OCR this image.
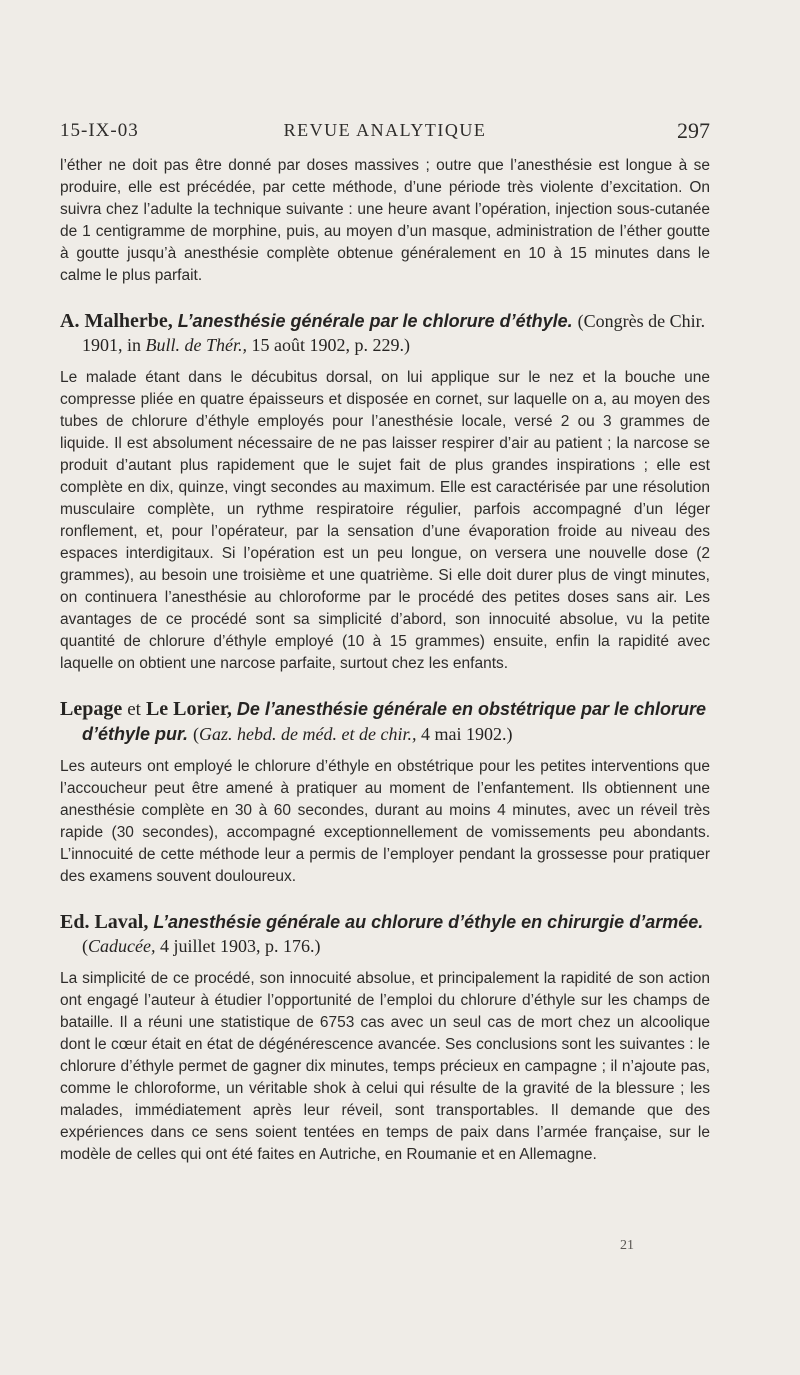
15-IX-03	REVUE ANALYTIQUE	297

l’éther ne doit pas être donné par doses massives ; outre que l’anesthésie est longue à se produire, elle est précédée, par cette méthode, d’une période très violente d’excitation. On suivra chez l’adulte la technique suivante : une heure avant l’opération, injection sous-cutanée de 1 centigramme de morphine, puis, au moyen d’un masque, administration de l’éther goutte à goutte jusqu’à anesthésie complète obtenue généralement en 10 à 15 minutes dans le calme le plus parfait.

A. Malherbe, L’anesthésie générale par le chlorure d’éthyle. (Congrès de Chir. 1901, in Bull. de Thér., 15 août 1902, p. 229.)

Le malade étant dans le décubitus dorsal, on lui applique sur le nez et la bouche une compresse pliée en quatre épaisseurs et disposée en cornet, sur laquelle on a, au moyen des tubes de chlorure d’éthyle employés pour l’anesthésie locale, versé 2 ou 3 grammes de liquide. Il est absolument nécessaire de ne pas laisser respirer d’air au patient ; la narcose se produit d’autant plus rapidement que le sujet fait de plus grandes inspirations ; elle est complète en dix, quinze, vingt secondes au maximum. Elle est caractérisée par une résolution musculaire complète, un rythme respiratoire régulier, parfois accompagné d’un léger ronflement, et, pour l’opérateur, par la sensation d’une évaporation froide au niveau des espaces interdigitaux. Si l’opération est un peu longue, on versera une nouvelle dose (2 grammes), au besoin une troisième et une quatrième. Si elle doit durer plus de vingt minutes, on continuera l’anesthésie au chloroforme par le procédé des petites doses sans air. Les avantages de ce procédé sont sa simplicité d’abord, son innocuité absolue, vu la petite quantité de chlorure d’éthyle employé (10 à 15 grammes) ensuite, enfin la rapidité avec laquelle on obtient une narcose parfaite, surtout chez les enfants.

Lepage et Le Lorier, De l’anesthésie générale en obstétrique par le chlorure d’éthyle pur. (Gaz. hebd. de méd. et de chir., 4 mai 1902.)

Les auteurs ont employé le chlorure d’éthyle en obstétrique pour les petites interventions que l’accoucheur peut être amené à pratiquer au moment de l’enfantement. Ils obtiennent une anesthésie complète en 30 à 60 secondes, durant au moins 4 minutes, avec un réveil très rapide (30 secondes), accompagné exceptionnellement de vomissements peu abondants. L’innocuité de cette méthode leur a permis de l’employer pendant la grossesse pour pratiquer des examens souvent douloureux.

Ed. Laval, L’anesthésie générale au chlorure d’éthyle en chirurgie d’armée. (Caducée, 4 juillet 1903, p. 176.)

La simplicité de ce procédé, son innocuité absolue, et principalement la rapidité de son action ont engagé l’auteur à étudier l’opportunité de l’emploi du chlorure d’éthyle sur les champs de bataille. Il a réuni une statistique de 6753 cas avec un seul cas de mort chez un alcoolique dont le cœur était en état de dégénérescence avancée. Ses conclusions sont les suivantes : le chlorure d’éthyle permet de gagner dix minutes, temps précieux en campagne ; il n’ajoute pas, comme le chloroforme, un véritable shok à celui qui résulte de la gravité de la blessure ; les malades, immédiatement après leur réveil, sont transportables. Il demande que des expériences dans ce sens soient tentées en temps de paix dans l’armée française, sur le modèle de celles qui ont été faites en Autriche, en Roumanie et en Allemagne.

21
